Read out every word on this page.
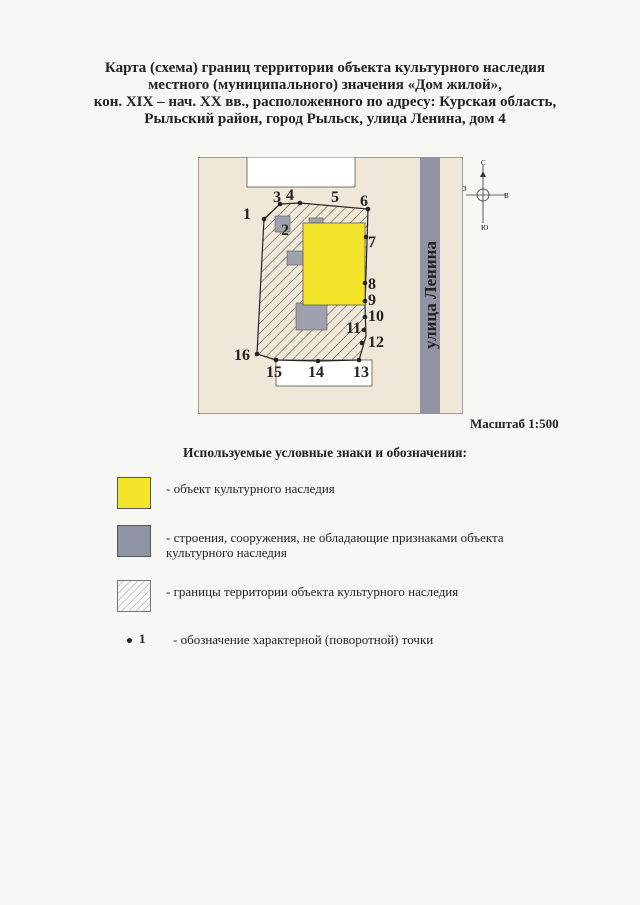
Карта (схема) границ территории объекта культурного наследия
местного (муниципального) значения «Дом жилой»,
кон. XIX – нач. XX вв., расположенного по адресу: Курская область,
Рыльский район, город Рыльск, улица Ленина, дом 4
улица Ленина
1
2
3 4 5 6
7
8
9
10
11
12
13
14
15
16
С
Ю
З
В
Масштаб 1:500
Используемые условные знаки и обозначения:
- объект культурного наследия
- строения, сооружения, не обладающие признаками объекта культурного наследия
- границы территории объекта культурного наследия
1 - обозначение характерной (поворотной) точки
